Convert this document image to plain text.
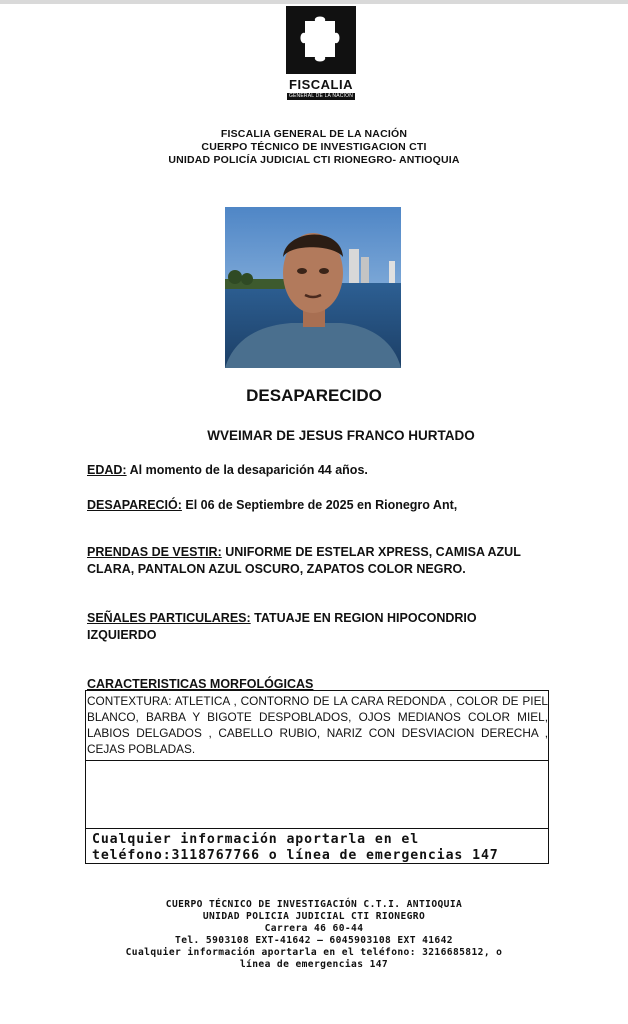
FISCALIA
GENERAL DE LA NACIÓN
FISCALIA GENERAL DE LA NACIÓN
CUERPO TÉCNICO DE INVESTIGACION CTI
UNIDAD POLICÍA JUDICIAL CTI RIONEGRO- ANTIOQUIA
DESAPARECIDO
WVEIMAR DE JESUS FRANCO HURTADO
EDAD: Al momento de la desaparición 44 años.
DESAPARECIÓ: El 06 de Septiembre de 2025 en Rionegro Ant,
PRENDAS DE VESTIR: UNIFORME DE ESTELAR XPRESS, CAMISA AZUL CLARA, PANTALON AZUL OSCURO, ZAPATOS COLOR NEGRO.
SEÑALES PARTICULARES: TATUAJE EN REGION HIPOCONDRIO IZQUIERDO
CARACTERISTICAS MORFOLÓGICAS
CONTEXTURA: ATLETICA , CONTORNO DE LA CARA REDONDA , COLOR DE PIEL BLANCO, BARBA Y BIGOTE DESPOBLADOS, OJOS MEDIANOS COLOR MIEL, LABIOS DELGADOS , CABELLO RUBIO, NARIZ CON DESVIACION DERECHA , CEJAS POBLADAS.
Cualquier información aportarla en el teléfono:3118767766 o línea de emergencias 147
CUERPO TÉCNICO DE INVESTIGACIÓN C.T.I. ANTIOQUIA
UNIDAD POLICIA JUDICIAL CTI RIONEGRO
Carrera 46 60-44
Tel. 5903108 EXT-41642 – 6045903108 EXT 41642
Cualquier información aportarla en el teléfono: 3216685812, o
línea de emergencias 147
